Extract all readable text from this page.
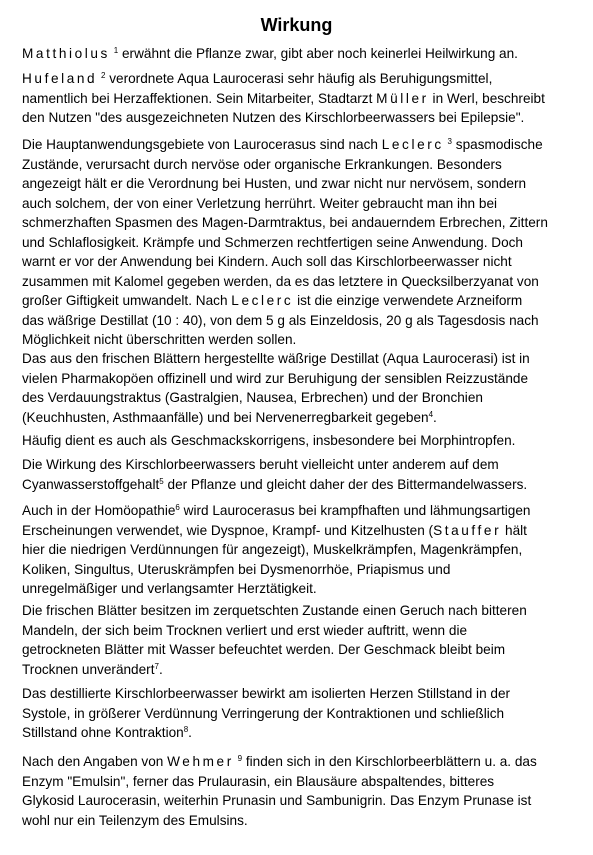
Wirkung
Matthiolus $^1$ erwähnt die Pflanze zwar, gibt aber noch keinerlei Heilwirkung an.
Hufeland $^2$ verordnete Aqua Laurocerasi sehr häufig als Beruhigungsmittel,
namentlich bei Herzaffektionen. Sein Mitarbeiter, Stadtarzt Müller in Werl, beschreibt
den Nutzen "des ausgezeichneten Nutzen des Kirschlorbeerwassers bei Epilepsie".
Die Hauptanwendungsgebiete von Laurocerasus sind nach Leclerc $^3$ spasmodische
Zustände, verursacht durch nervöse oder organische Erkrankungen. Besonders
angezeigt hält er die Verordnung bei Husten, und zwar nicht nur nervösem, sondern
auch solchem, der von einer Verletzung herrührt. Weiter gebraucht man ihn bei
schmerzhaften Spasmen des Magen-Darmtraktus, bei andauerndem Erbrechen, Zittern
und Schlaflosigkeit. Krämpfe und Schmerzen rechtfertigen seine Anwendung. Doch
warnt er vor der Anwendung bei Kindern. Auch soll das Kirschlorbeerwasser nicht
zusammen mit Kalomel gegeben werden, da es das letztere in Quecksilberzyanat von
großer Giftigkeit umwandelt. Nach Leclerc ist die einzige verwendete Arzneiform
das wäßrige Destillat (10 : 40), von dem 5 g als Einzeldosis, 20 g als Tagesdosis nach
Möglichkeit nicht überschritten werden sollen.
Das aus den frischen Blättern hergestellte wäßrige Destillat (Aqua Laurocerasi) ist in
vielen Pharmakopöen offizinell und wird zur Beruhigung der sensiblen Reizzustände
des Verdauungstraktus (Gastralgien, Nausea, Erbrechen) und der Bronchien
(Keuchhusten, Asthmaanfälle) und bei Nervenerregbarkeit gegeben$^4$.
Häufig dient es auch als Geschmackskorrigens, insbesondere bei Morphintropfen.
Die Wirkung des Kirschlorbeerwassers beruht vielleicht unter anderem auf dem
Cyanwasserstoffgehalt$^5$ der Pflanze und gleicht daher der des Bittermandelwassers.
Auch in der Homöopathie$^6$ wird Laurocerasus bei krampfhaften und lähmungsartigen
Erscheinungen verwendet, wie Dyspnoe, Krampf- und Kitzelhusten (Stauffer hält
hier die niedrigen Verdünnungen für angezeigt), Muskelkrämpfen, Magenkrämpfen,
Koliken, Singultus, Uteruskrämpfen bei Dysmenorrhöe, Priapismus und
unregelmäßiger und verlangsamter Herztätigkeit.
Die frischen Blätter besitzen im zerquetschten Zustande einen Geruch nach bitteren
Mandeln, der sich beim Trocknen verliert und erst wieder auftritt, wenn die
getrockneten Blätter mit Wasser befeuchtet werden. Der Geschmack bleibt beim
Trocknen unverändert$^7$.
Das destillierte Kirschlorbeerwasser bewirkt am isolierten Herzen Stillstand in der
Systole, in größerer Verdünnung Verringerung der Kontraktionen und schließlich
Stillstand ohne Kontraktion$^8$.
Nach den Angaben von Wehmer $^9$ finden sich in den Kirschlorbeerblättern u. a. das
Enzym "Emulsin", ferner das Prulaurasin, ein Blausäure abspaltendes, bitteres
Glykosid Laurocerasin, weiterhin Prunasin und Sambunigrin. Das Enzym Prunase ist
wohl nur ein Teilenzym des Emulsins.
